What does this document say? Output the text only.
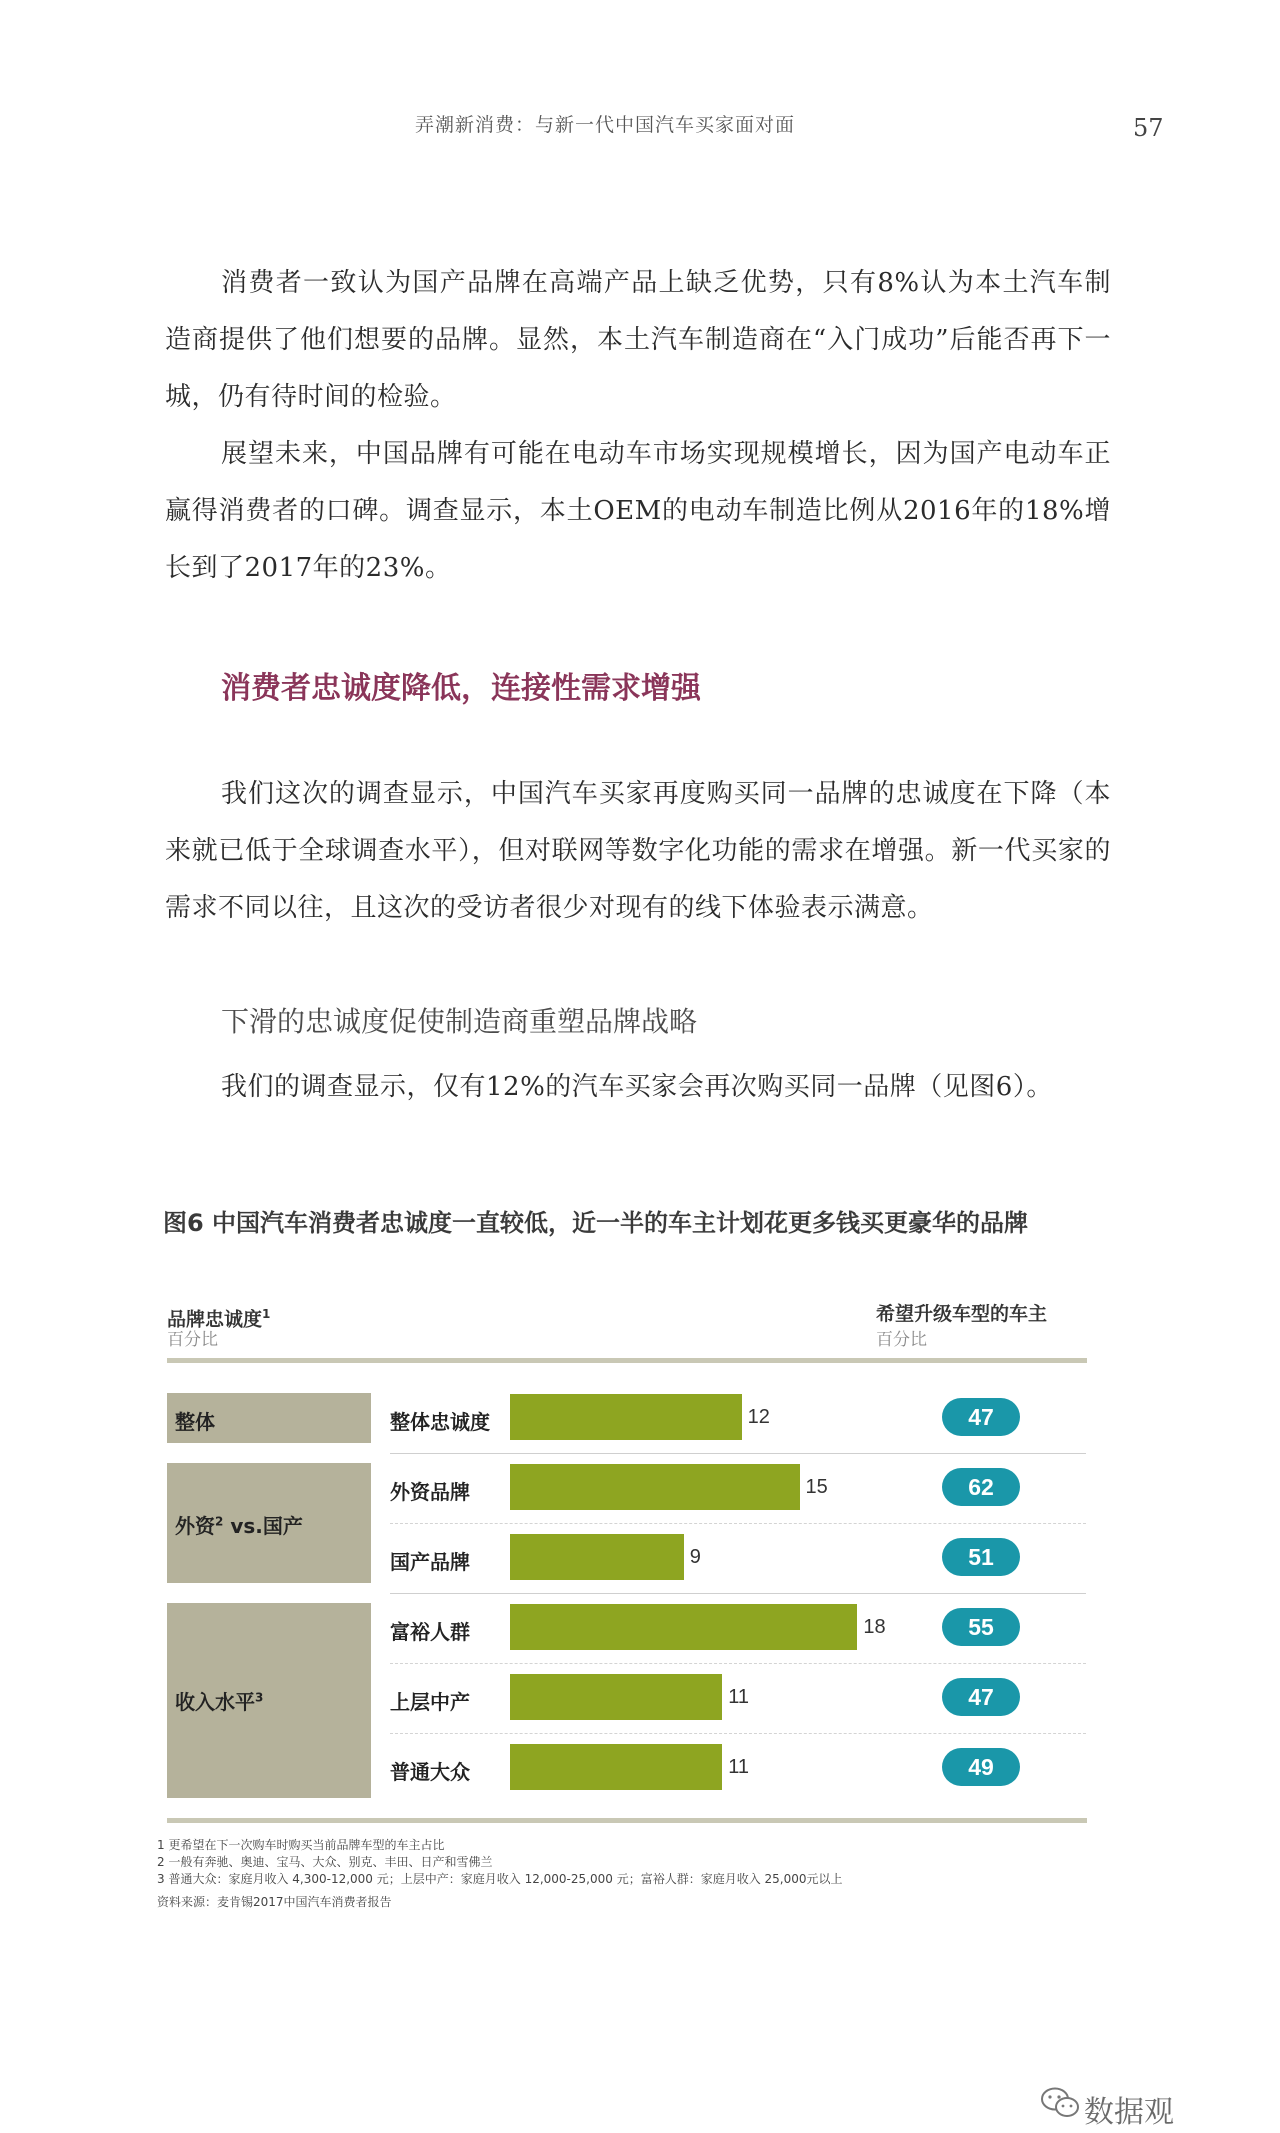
弄潮新消费：与新一代中国汽车买家面对面	57

消费者一致认为国产品牌在高端产品上缺乏优势，只有8%认为本土汽车制造商提供了他们想要的品牌。显然，本土汽车制造商在“入门成功”后能否再下一城，仍有待时间的检验。

展望未来，中国品牌有可能在电动车市场实现规模增长，因为国产电动车正赢得消费者的口碑。调查显示，本土OEM的电动车制造比例从2016年的18%增长到了2017年的23%。

消费者忠诚度降低，连接性需求增强

我们这次的调查显示，中国汽车买家再度购买同一品牌的忠诚度在下降（本来就已低于全球调查水平），但对联网等数字化功能的需求在增强。新一代买家的需求不同以往，且这次的受访者很少对现有的线下体验表示满意。

下滑的忠诚度促使制造商重塑品牌战略

我们的调查显示，仅有12%的汽车买家会再次购买同一品牌（见图6）。

图6 中国汽车消费者忠诚度一直较低，近一半的车主计划花更多钱买更豪华的品牌
品牌忠诚度$^1$
百分比
希望升级车型的车主
百分比
整体
外资$^2$ vs.国产
收入水平$^3$
整体忠诚度
外资品牌
国产品牌
富裕人群
上层中产
普通大众
12
15
9
18
11
11
47
62
51
55
47
49
1 更希望在下一次购车时购买当前品牌车型的车主占比
2 一般有奔驰、奥迪、宝马、大众、别克、丰田、日产和雪佛兰
3 普通大众：家庭月收入 4,300-12,000 元；上层中产：家庭月收入 12,000-25,000 元；富裕人群：家庭月收入 25,000元以上
资料来源：麦肯锡2017中国汽车消费者报告
数据观
